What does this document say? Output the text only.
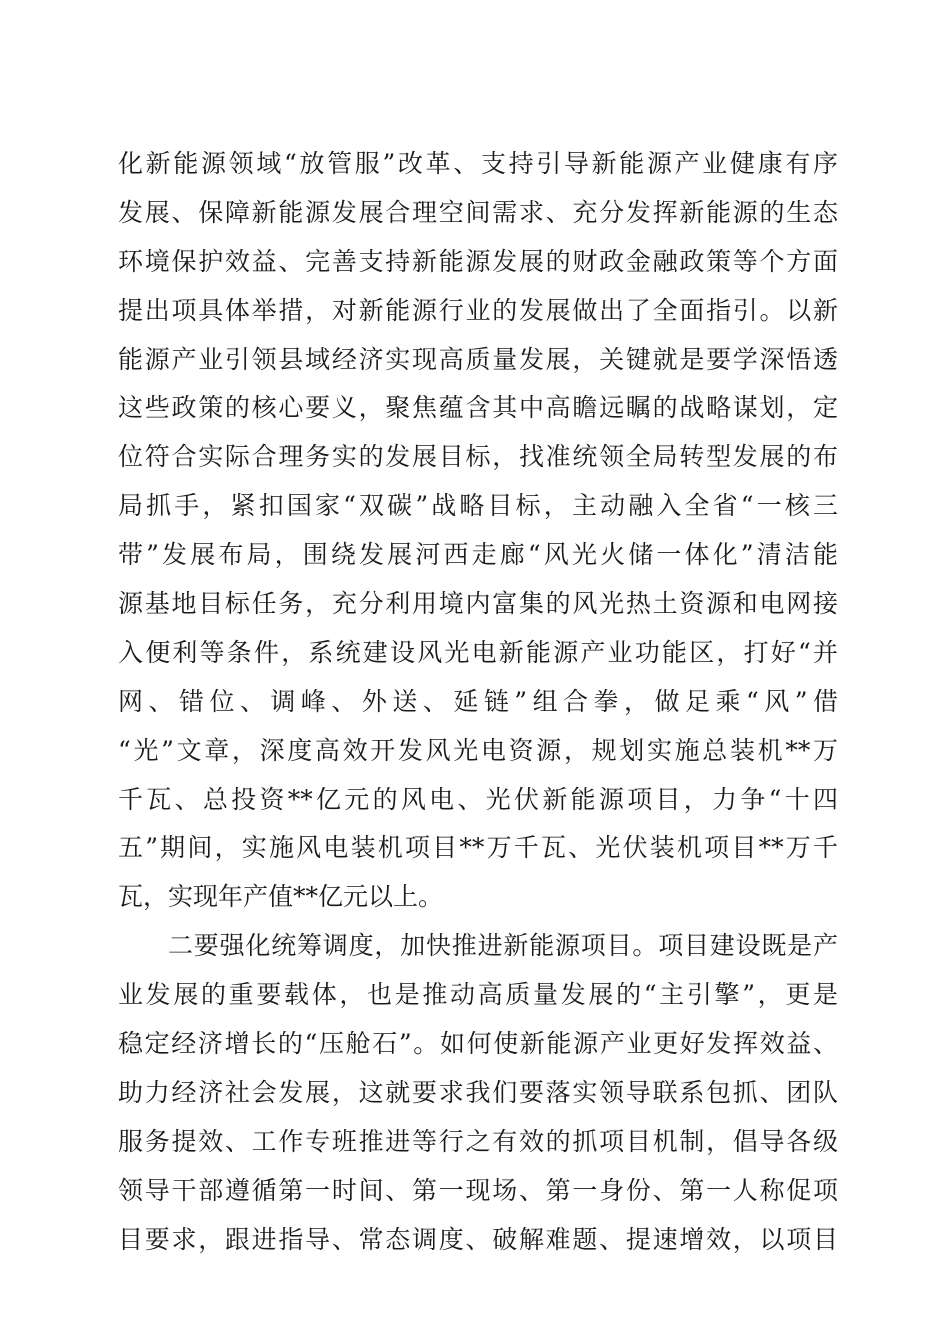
化新能源领域“放管服”改革、支持引导新能源产业健康有序
发展、保障新能源发展合理空间需求、充分发挥新能源的生态
环境保护效益、完善支持新能源发展的财政金融政策等个方面
提出项具体举措，对新能源行业的发展做出了全面指引。以新
能源产业引领县域经济实现高质量发展，关键就是要学深悟透
这些政策的核心要义，聚焦蕴含其中高瞻远瞩的战略谋划，定
位符合实际合理务实的发展目标，找准统领全局转型发展的布
局抓手，紧扣国家“双碳”战略目标，主动融入全省“一核三
带”发展布局，围绕发展河西走廊“风光火储一体化”清洁能
源基地目标任务，充分利用境内富集的风光热土资源和电网接
入便利等条件，系统建设风光电新能源产业功能区，打好“并
网、错位、调峰、外送、延链”组合拳，做足乘“风”借
“光”文章，深度高效开发风光电资源，规划实施总装机**万
千瓦、总投资**亿元的风电、光伏新能源项目，力争“十四
五”期间，实施风电装机项目**万千瓦、光伏装机项目**万千
瓦，实现年产值**亿元以上。
二要强化统筹调度，加快推进新能源项目。项目建设既是产
业发展的重要载体，也是推动高质量发展的“主引擎”，更是
稳定经济增长的“压舱石”。如何使新能源产业更好发挥效益、
助力经济社会发展，这就要求我们要落实领导联系包抓、团队
服务提效、工作专班推进等行之有效的抓项目机制，倡导各级
领导干部遵循第一时间、第一现场、第一身份、第一人称促项
目要求，跟进指导、常态调度、破解难题、提速增效，以项目
